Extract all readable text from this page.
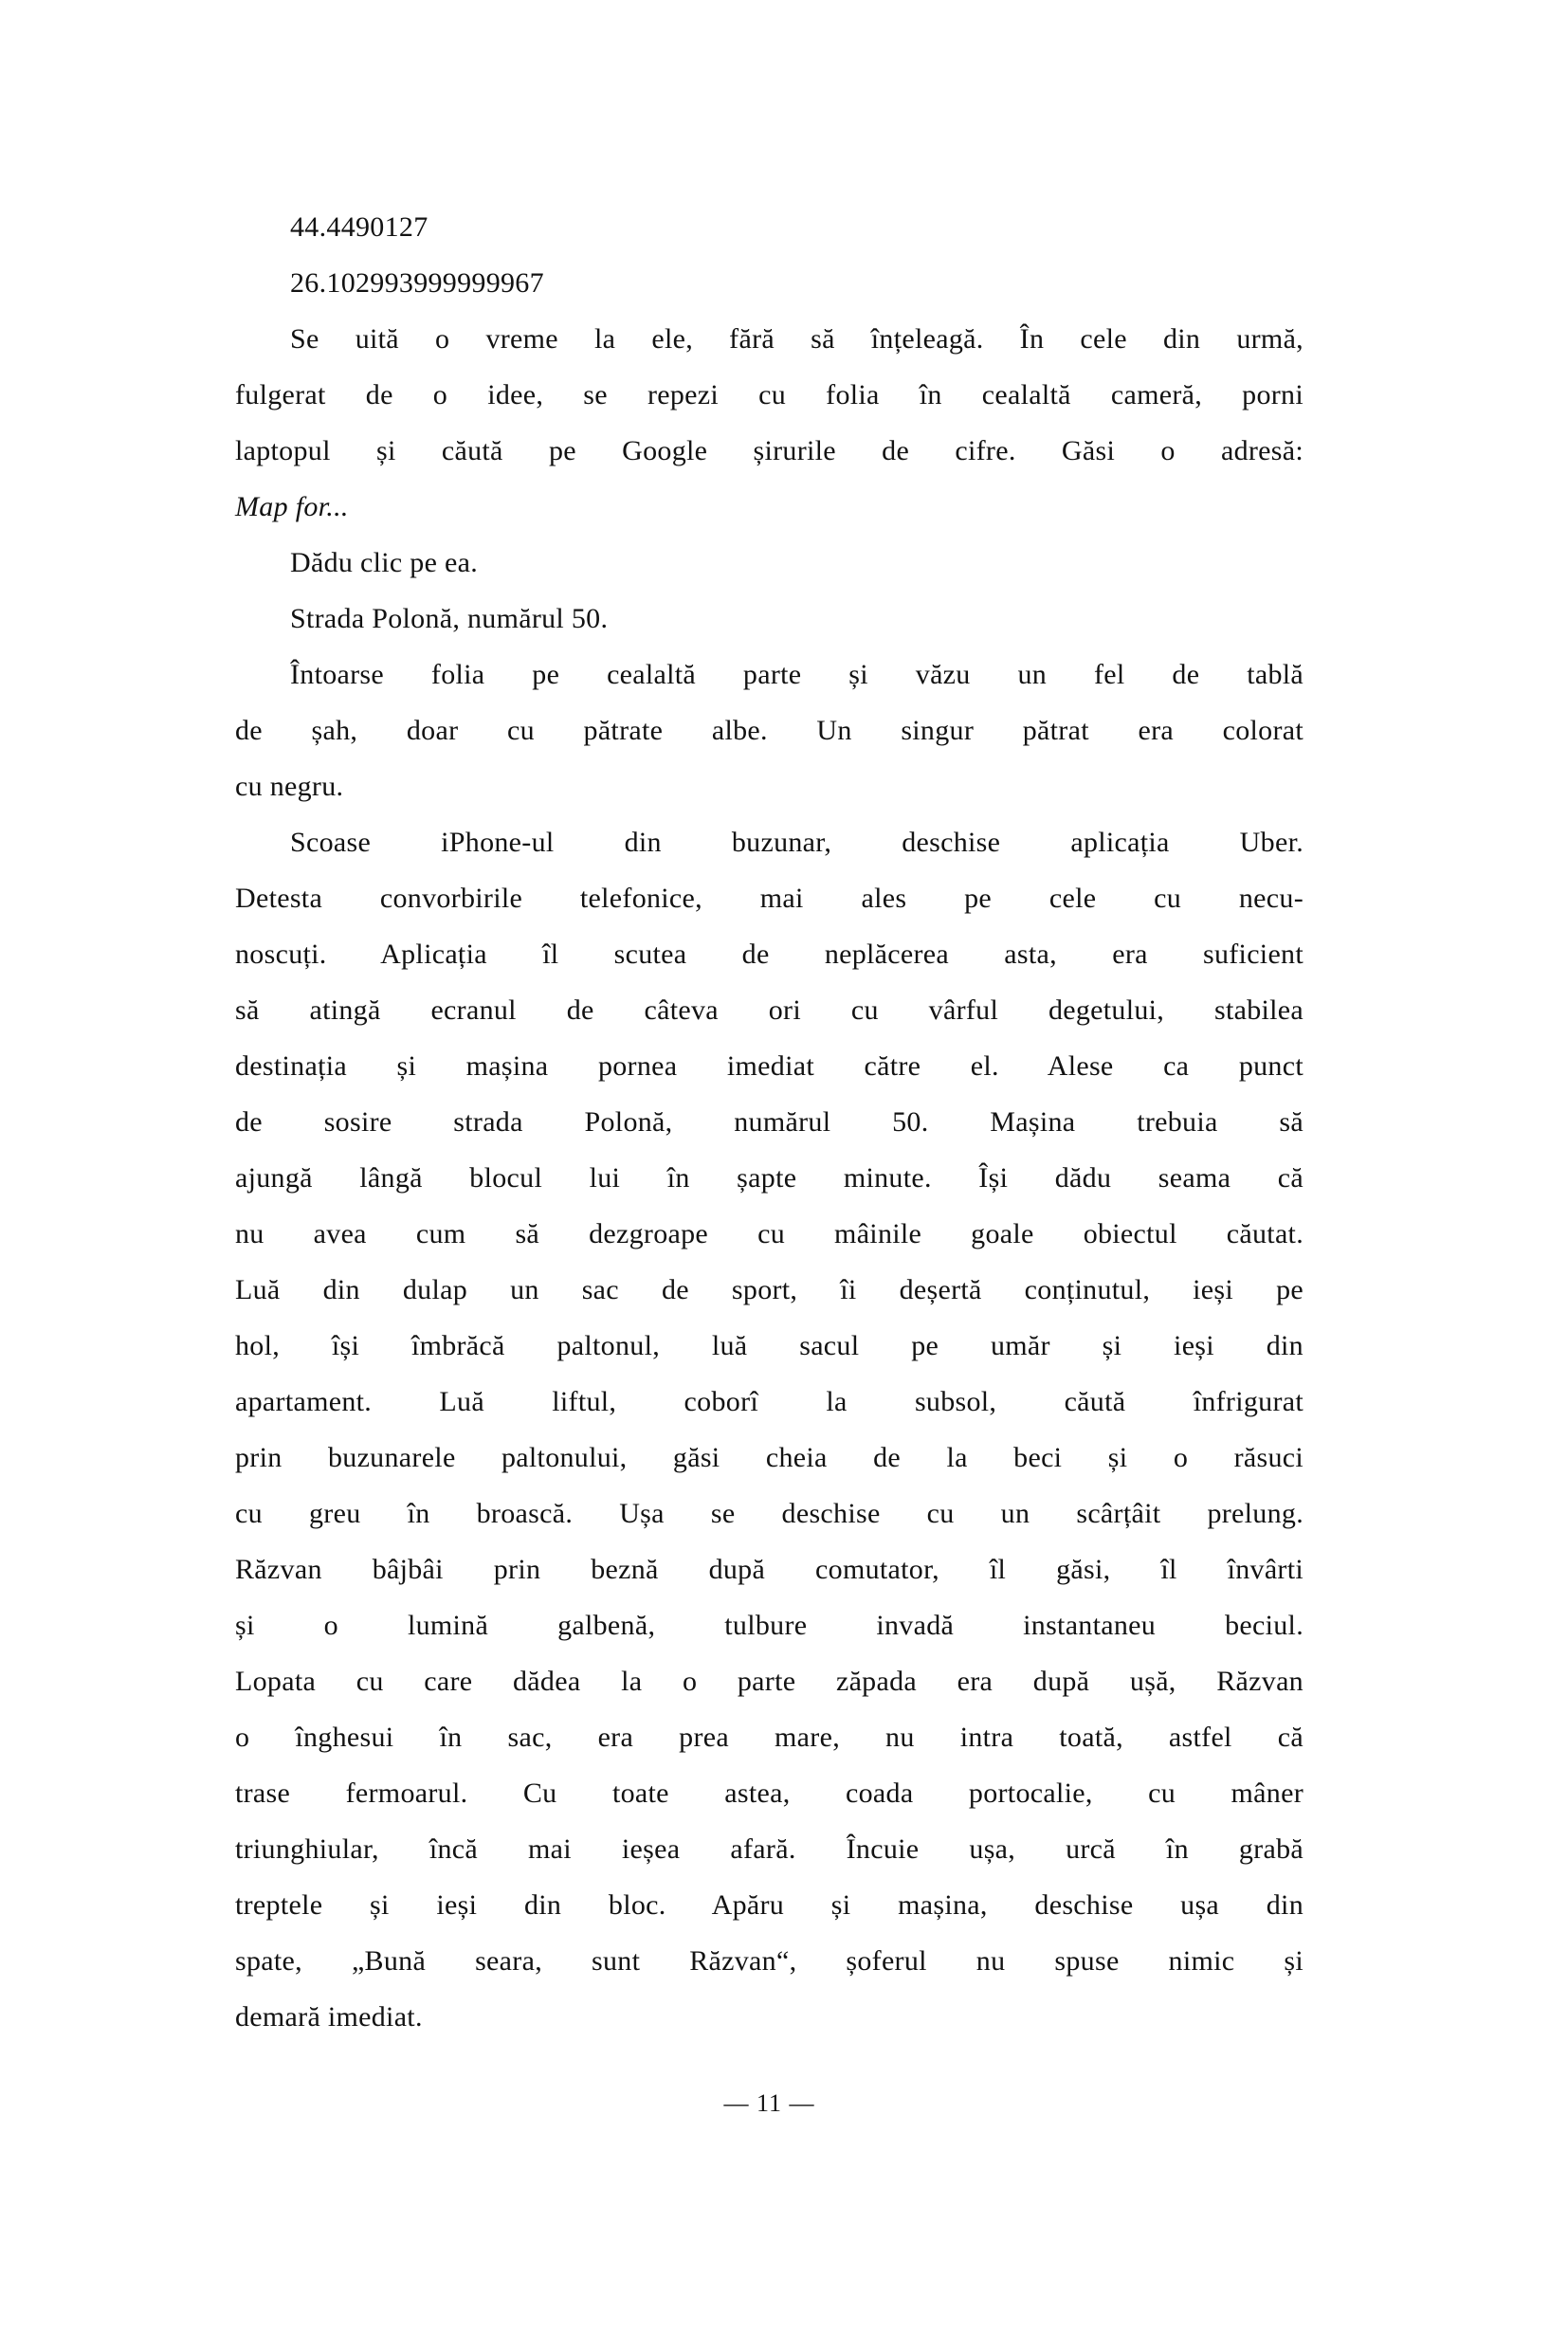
44.4490127
26.102993999999967
Se uită o vreme la ele, fără să înțeleagă. În cele din urmă,
fulgerat de o idee, se repezi cu folia în cealaltă cameră, porni
laptopul și căută pe Google șirurile de cifre. Găsi o adresă:
Map for...
Dădu clic pe ea.
Strada Polonă, numărul 50.
Întoarse folia pe cealaltă parte și văzu un fel de tablă
de șah, doar cu pătrate albe. Un singur pătrat era colorat
cu negru.
Scoase iPhone-ul din buzunar, deschise aplicația Uber.
Detesta convorbirile telefonice, mai ales pe cele cu necu-
noscuți. Aplicația îl scutea de neplăcerea asta, era suficient
să atingă ecranul de câteva ori cu vârful degetului, stabilea
destinația și mașina pornea imediat către el. Alese ca punct
de sosire strada Polonă, numărul 50. Mașina trebuia să
ajungă lângă blocul lui în șapte minute. Își dădu seama că
nu avea cum să dezgroape cu mâinile goale obiectul căutat.
Luă din dulap un sac de sport, îi deșertă conținutul, ieși pe
hol, își îmbrăcă paltonul, luă sacul pe umăr și ieși din
apartament. Luă liftul, coborî la subsol, căută înfrigurat
prin buzunarele paltonului, găsi cheia de la beci și o răsuci
cu greu în broască. Ușa se deschise cu un scârțâit prelung.
Răzvan bâjbâi prin beznă după comutator, îl găsi, îl învârti
și o lumină galbenă, tulbure invadă instantaneu beciul.
Lopata cu care dădea la o parte zăpada era după ușă, Răzvan
o înghesui în sac, era prea mare, nu intra toată, astfel că
trase fermoarul. Cu toate astea, coada portocalie, cu mâner
triunghiular, încă mai ieșea afară. Încuie ușa, urcă în grabă
treptele și ieși din bloc. Apăru și mașina, deschise ușa din
spate, „Bună seara, sunt Răzvan“, șoferul nu spuse nimic și
demară imediat.
— 11 —
